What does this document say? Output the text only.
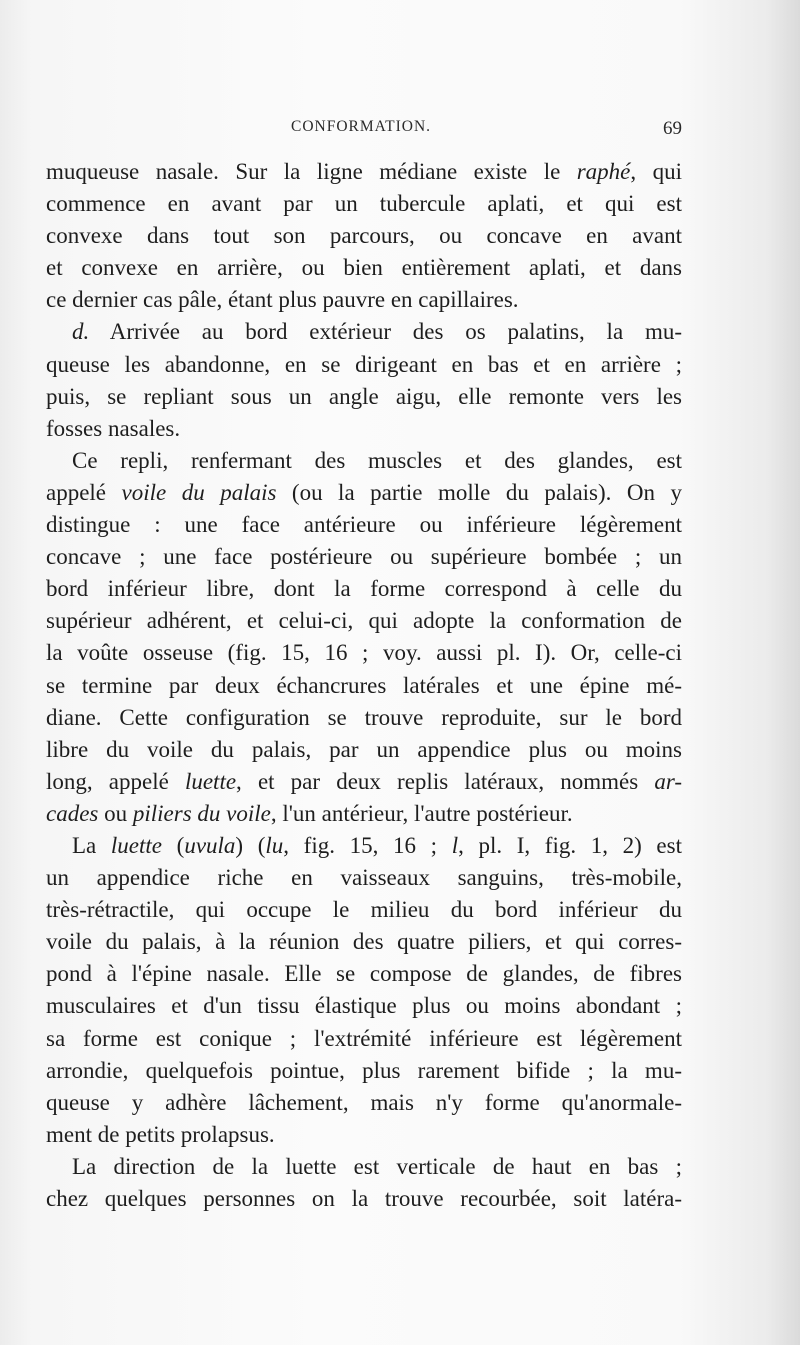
CONFORMATION.	69
muqueuse nasale. Sur la ligne médiane existe le raphé, qui
commence en avant par un tubercule aplati, et qui est
convexe dans tout son parcours, ou concave en avant
et convexe en arrière, ou bien entièrement aplati, et dans
ce dernier cas pâle, étant plus pauvre en capillaires.
d. Arrivée au bord extérieur des os palatins, la mu-
queuse les abandonne, en se dirigeant en bas et en arrière ;
puis, se repliant sous un angle aigu, elle remonte vers les
fosses nasales.
Ce repli, renfermant des muscles et des glandes, est
appelé voile du palais (ou la partie molle du palais). On y
distingue : une face antérieure ou inférieure légèrement
concave ; une face postérieure ou supérieure bombée ; un
bord inférieur libre, dont la forme correspond à celle du
supérieur adhérent, et celui-ci, qui adopte la conformation de
la voûte osseuse (fig. 15, 16 ; voy. aussi pl. I). Or, celle-ci
se termine par deux échancrures latérales et une épine mé-
diane. Cette configuration se trouve reproduite, sur le bord
libre du voile du palais, par un appendice plus ou moins
long, appelé luette, et par deux replis latéraux, nommés ar-
cades ou piliers du voile, l'un antérieur, l'autre postérieur.
La luette (uvula) (lu, fig. 15, 16 ; l, pl. I, fig. 1, 2) est
un appendice riche en vaisseaux sanguins, très-mobile,
très-rétractile, qui occupe le milieu du bord inférieur du
voile du palais, à la réunion des quatre piliers, et qui corres-
pond à l'épine nasale. Elle se compose de glandes, de fibres
musculaires et d'un tissu élastique plus ou moins abondant ;
sa forme est conique ; l'extrémité inférieure est légèrement
arrondie, quelquefois pointue, plus rarement bifide ; la mu-
queuse y adhère lâchement, mais n'y forme qu'anormale-
ment de petits prolapsus.
La direction de la luette est verticale de haut en bas ;
chez quelques personnes on la trouve recourbée, soit latéra-
